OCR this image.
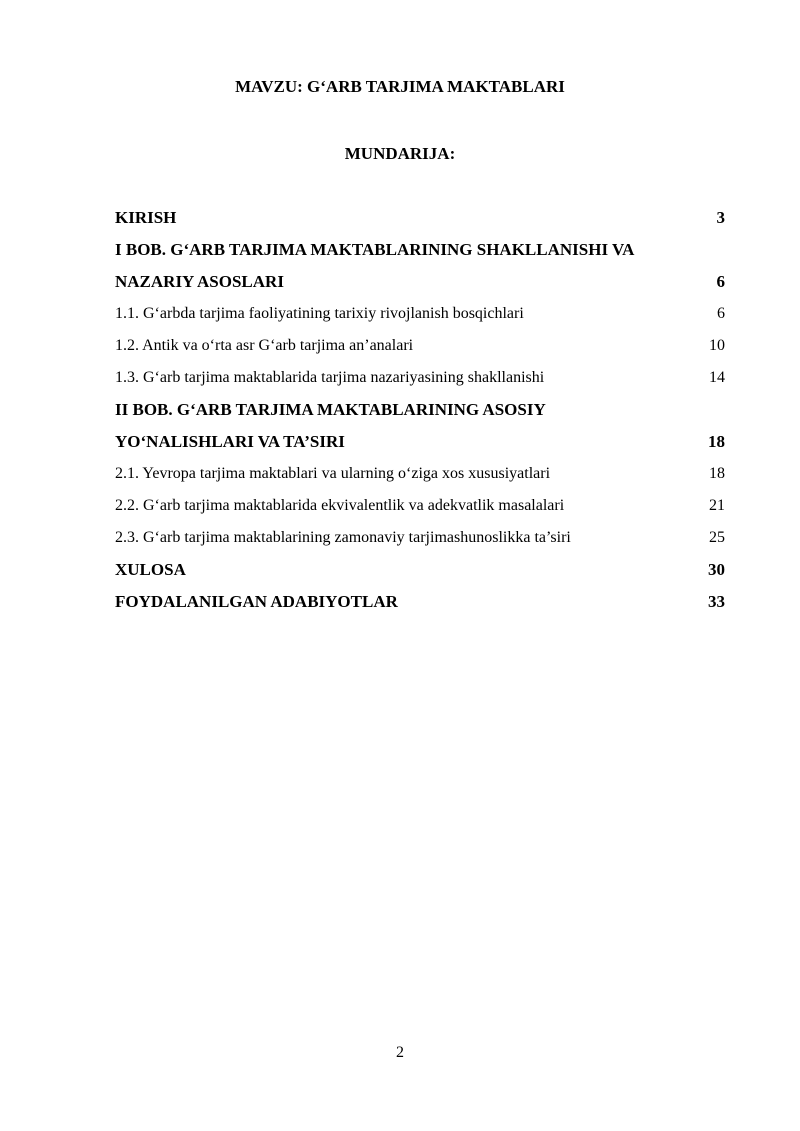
MAVZU: G‘ARB TARJIMA MAKTABLARI
MUNDARIJA:
KIRISH	3
I BOB. G‘ARB TARJIMA MAKTABLARINING SHAKLLANISHI VA
NAZARIY ASOSLARI	6
1.1. G‘arbda tarjima faoliyatining tarixiy rivojlanish bosqichlari	6
1.2. Antik va o‘rta asr G‘arb tarjima an’analari	10
1.3. G‘arb tarjima maktablarida tarjima nazariyasining shakllanishi	14
II BOB. G‘ARB TARJIMA MAKTABLARINING ASOSIY
YO‘NALISHLARI VA TA’SIRI	18
2.1. Yevropa tarjima maktablari va ularning o‘ziga xos xususiyatlari	18
2.2. G‘arb tarjima maktablarida ekvivalentlik va adekvatlik masalalari	21
2.3. G‘arb tarjima maktablarining zamonaviy tarjimashunoslikka ta’siri	25
XULOSA	30
FOYDALANILGAN ADABIYOTLAR	33
2
